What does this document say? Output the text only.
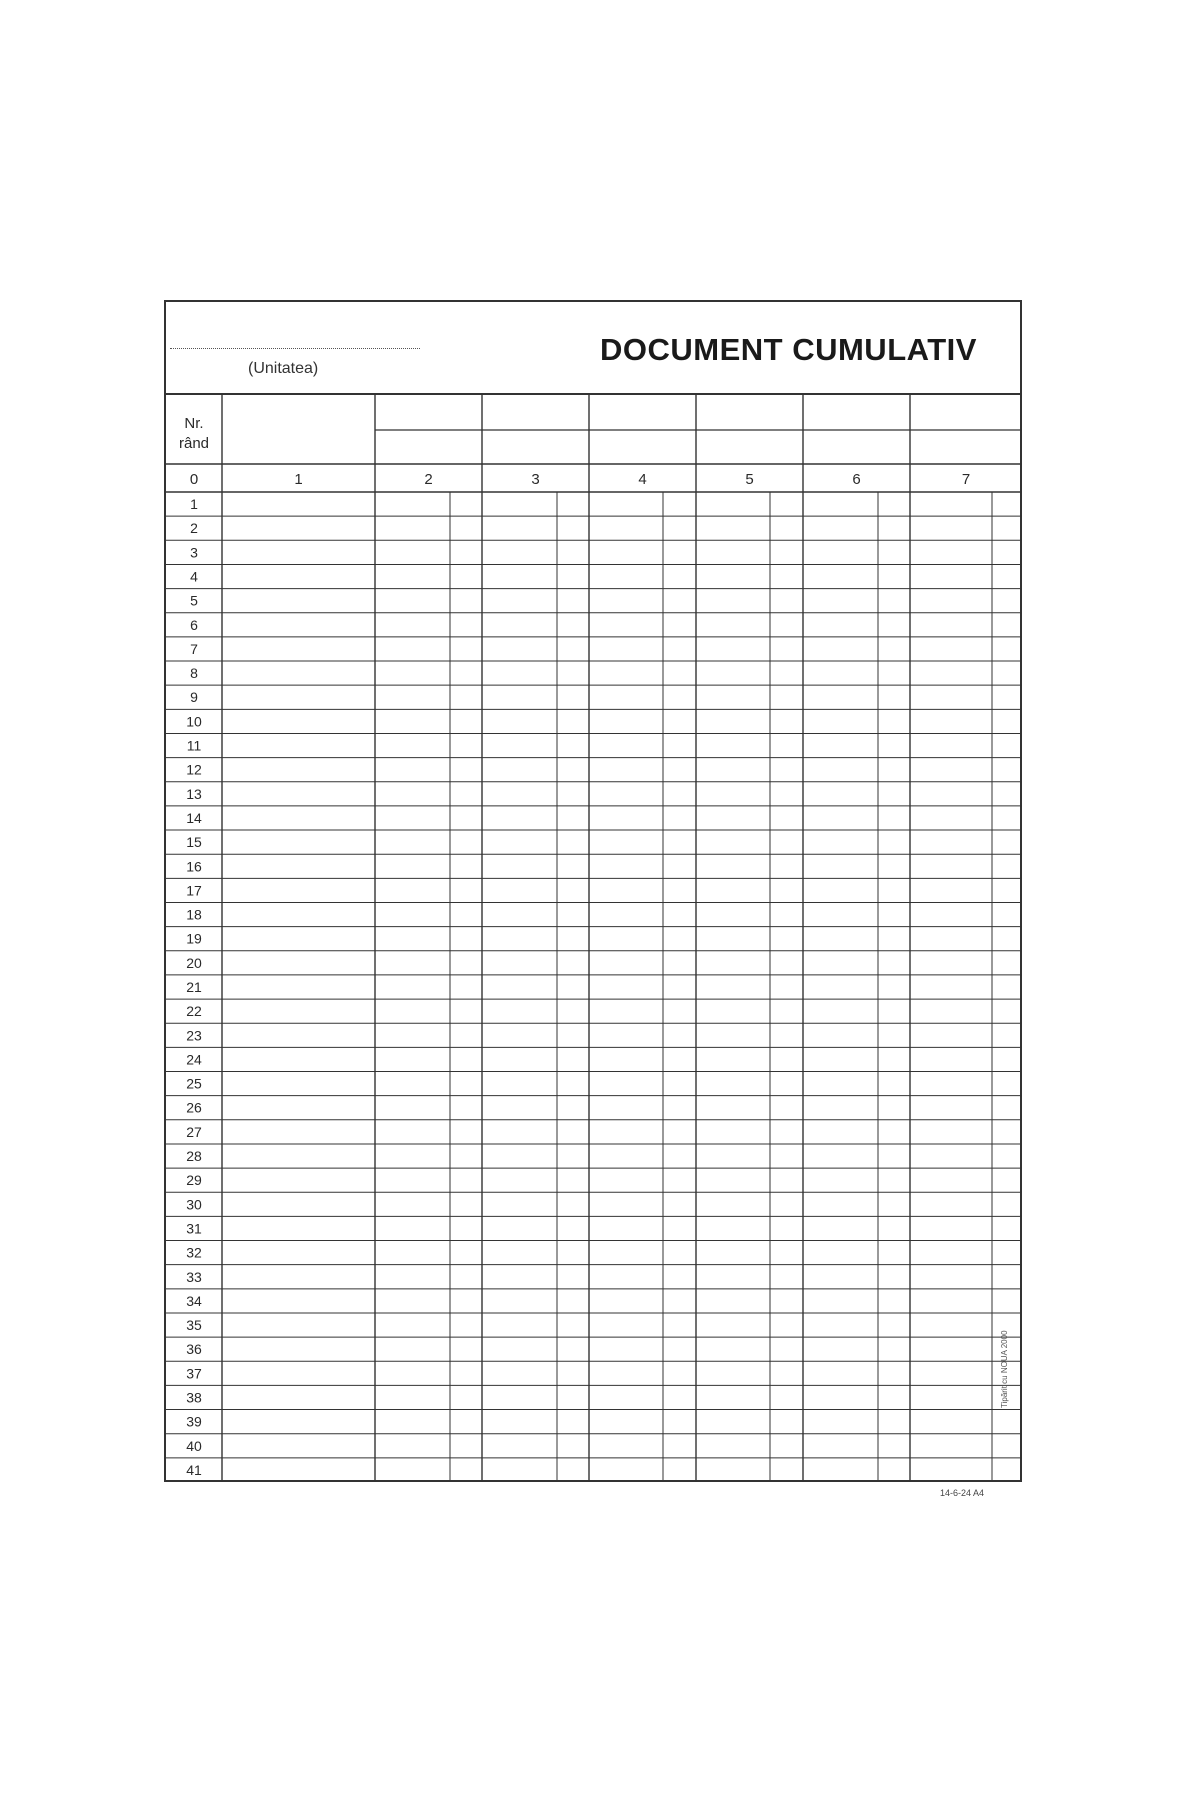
DOCUMENT CUMULATIV
(Unitatea)
Nr.
rând
0	1	2	3	4	5	6	7
1
2
3
4
5
6
7
8
9
10
11
12
13
14
15
16
17
18
19
20
21
22
23
24
25
26
27
28
29
30
31
32
33
34
35
36
37
38
39
40
41
14-6-24 A4
Tipărit cu NOUA 2000
